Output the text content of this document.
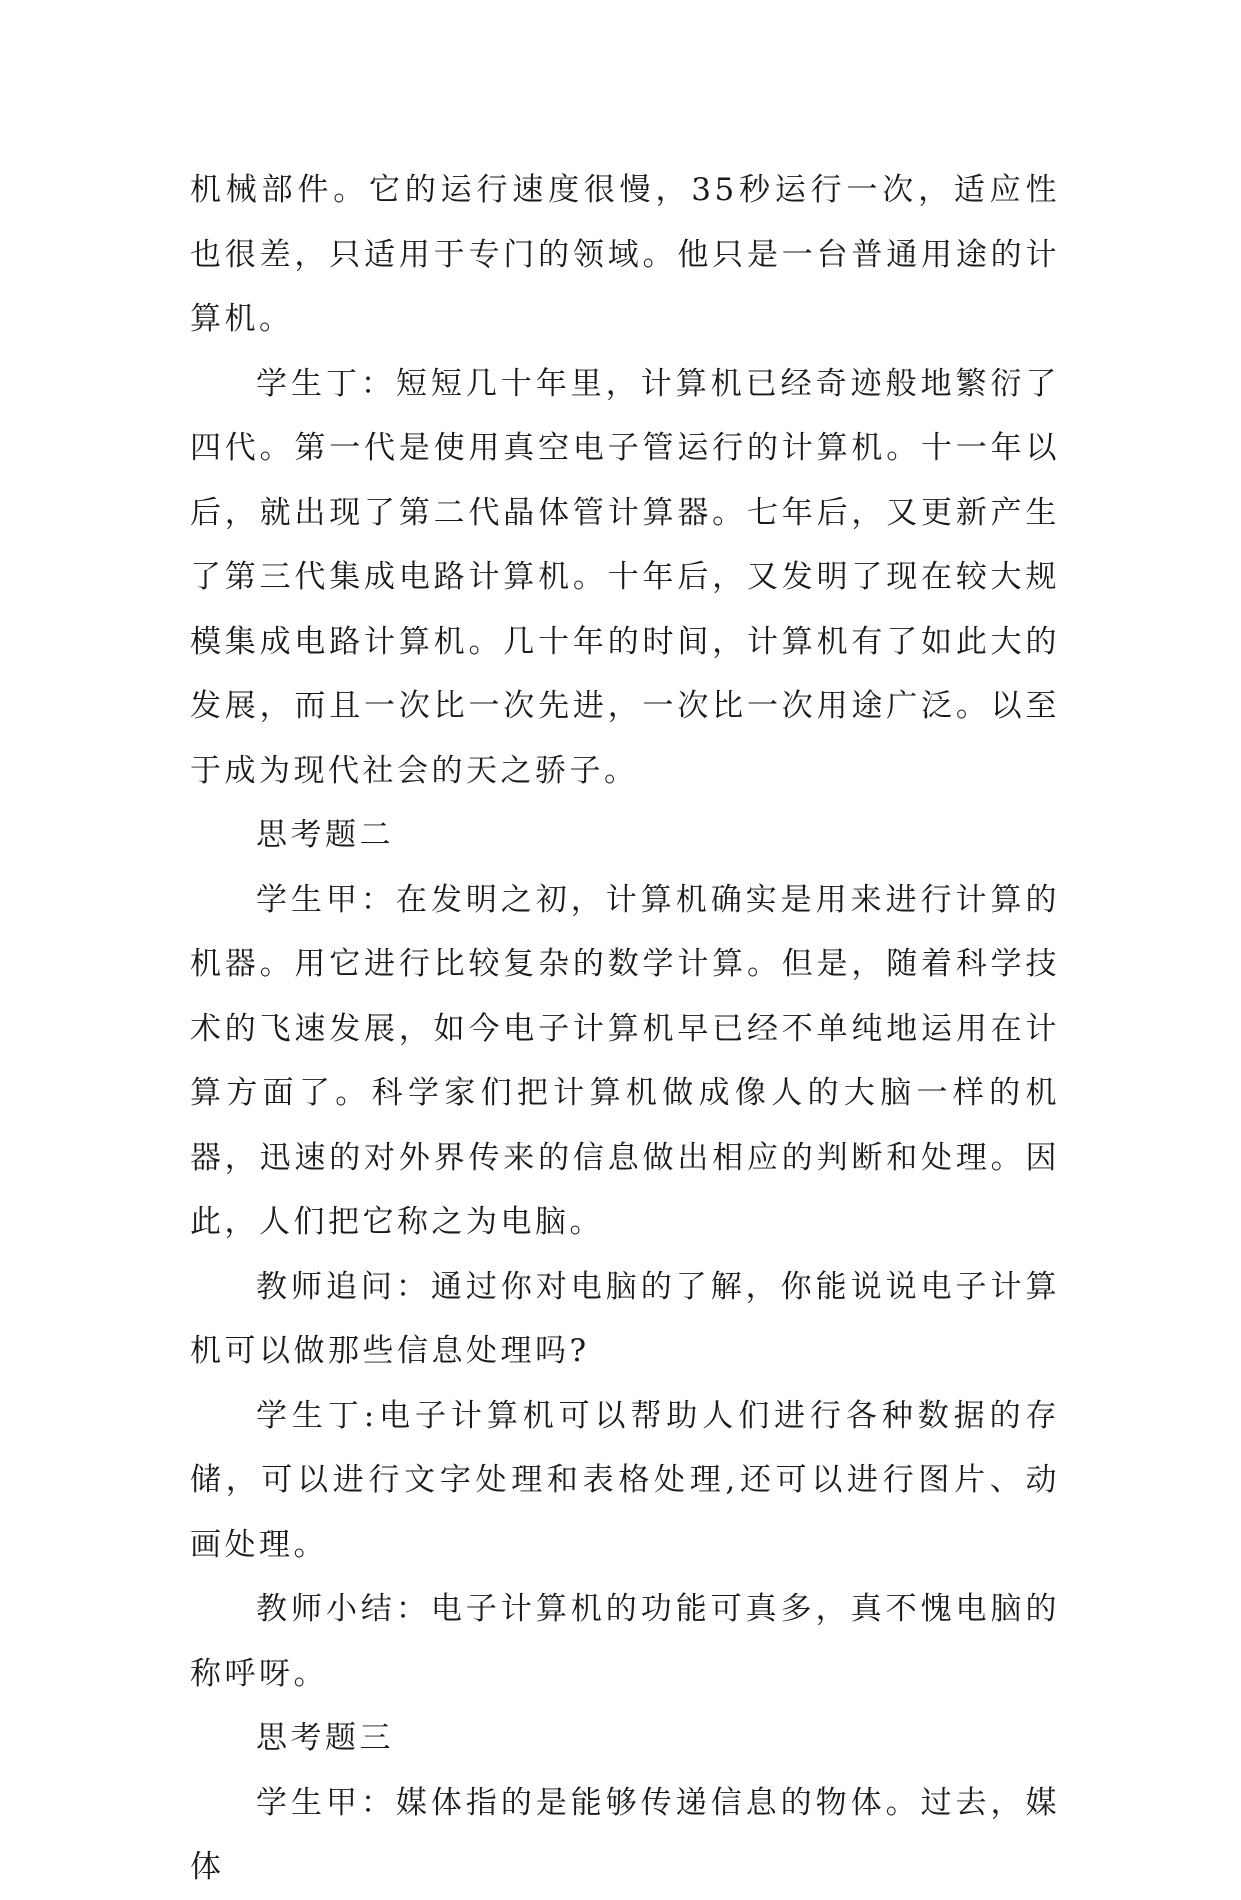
机械部件。它的运行速度很慢，35秒运行一次，适应性也很差，只适用于专门的领域。他只是一台普通用途的计算机。

学生丁：短短几十年里，计算机已经奇迹般地繁衍了四代。第一代是使用真空电子管运行的计算机。十一年以后，就出现了第二代晶体管计算器。七年后，又更新产生了第三代集成电路计算机。十年后，又发明了现在较大规模集成电路计算机。几十年的时间，计算机有了如此大的发展，而且一次比一次先进，一次比一次用途广泛。以至于成为现代社会的天之骄子。

思考题二

学生甲：在发明之初，计算机确实是用来进行计算的机器。用它进行比较复杂的数学计算。但是，随着科学技术的飞速发展，如今电子计算机早已经不单纯地运用在计算方面了。科学家们把计算机做成像人的大脑一样的机器，迅速的对外界传来的信息做出相应的判断和处理。因此，人们把它称之为电脑。

教师追问：通过你对电脑的了解，你能说说电子计算机可以做那些信息处理吗?

学生丁:电子计算机可以帮助人们进行各种数据的存储，可以进行文字处理和表格处理,还可以进行图片、动画处理。

教师小结：电子计算机的功能可真多，真不愧电脑的称呼呀。

思考题三

学生甲：媒体指的是能够传递信息的物体。过去，媒体
